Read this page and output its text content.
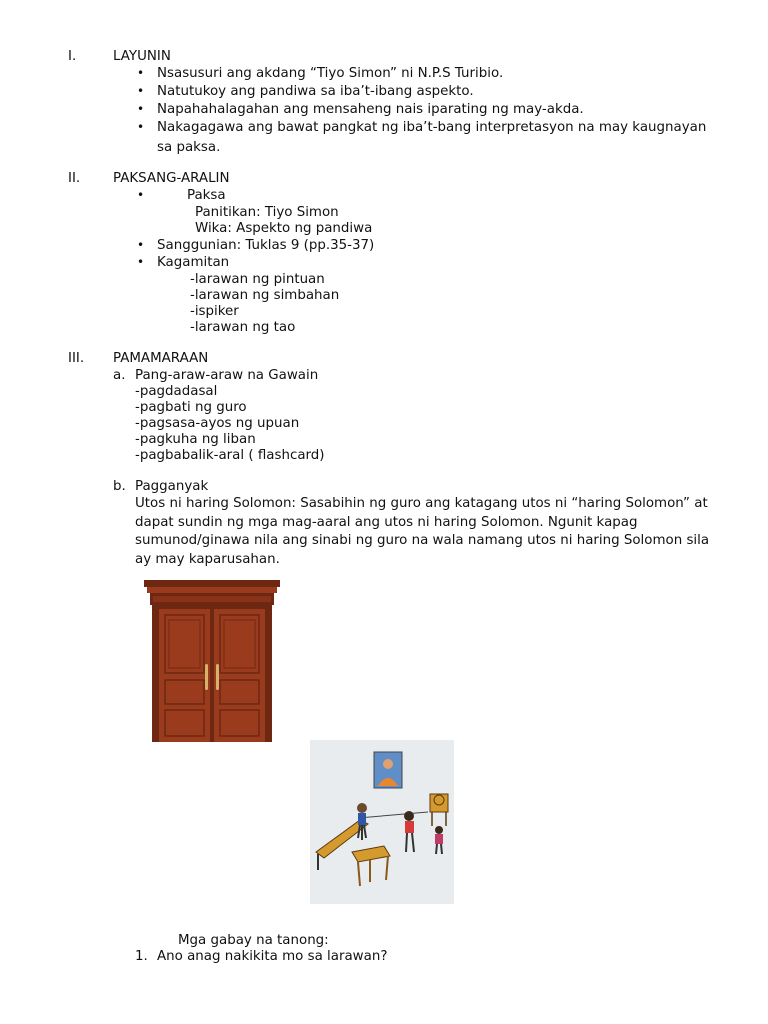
I.	LAYUNIN
• Nsasusuri ang akdang “Tiyo Simon” ni N.P.S Turibio.
• Natutukoy ang pandiwa sa iba’t-ibang aspekto.
• Napahahalagahan ang mensaheng nais iparating ng may-akda.
• Nakagagawa ang bawat pangkat ng iba’t-bang interpretasyon na may kaugnayan
sa paksa.
II. PAKSANG-ARALIN
•	Paksa
Panitikan: Tiyo Simon
Wika: Aspekto ng pandiwa
• Sanggunian: Tuklas 9 (pp.35-37)
• Kagamitan
-larawan ng pintuan
-larawan ng simbahan
-ispiker
-larawan ng tao
III. PAMAMARAAN
a. Pang-araw-araw na Gawain
-pagdadasal
-pagbati ng guro
-pagsasa-ayos ng upuan
-pagkuha ng liban
-pagbabalik-aral ( flashcard)
b. Pagganyak
Utos ni haring Solomon: Sasabihin ng guro ang katagang utos ni “haring Solomon” at dapat sundin ng mga mag-aaral ang utos ni haring Solomon. Ngunit kapag sumunod/ginawa nila ang sinabi ng guro na wala namang utos ni haring Solomon sila ay may kaparusahan.
Mga gabay na tanong:
1. Ano anag nakikita mo sa larawan?
